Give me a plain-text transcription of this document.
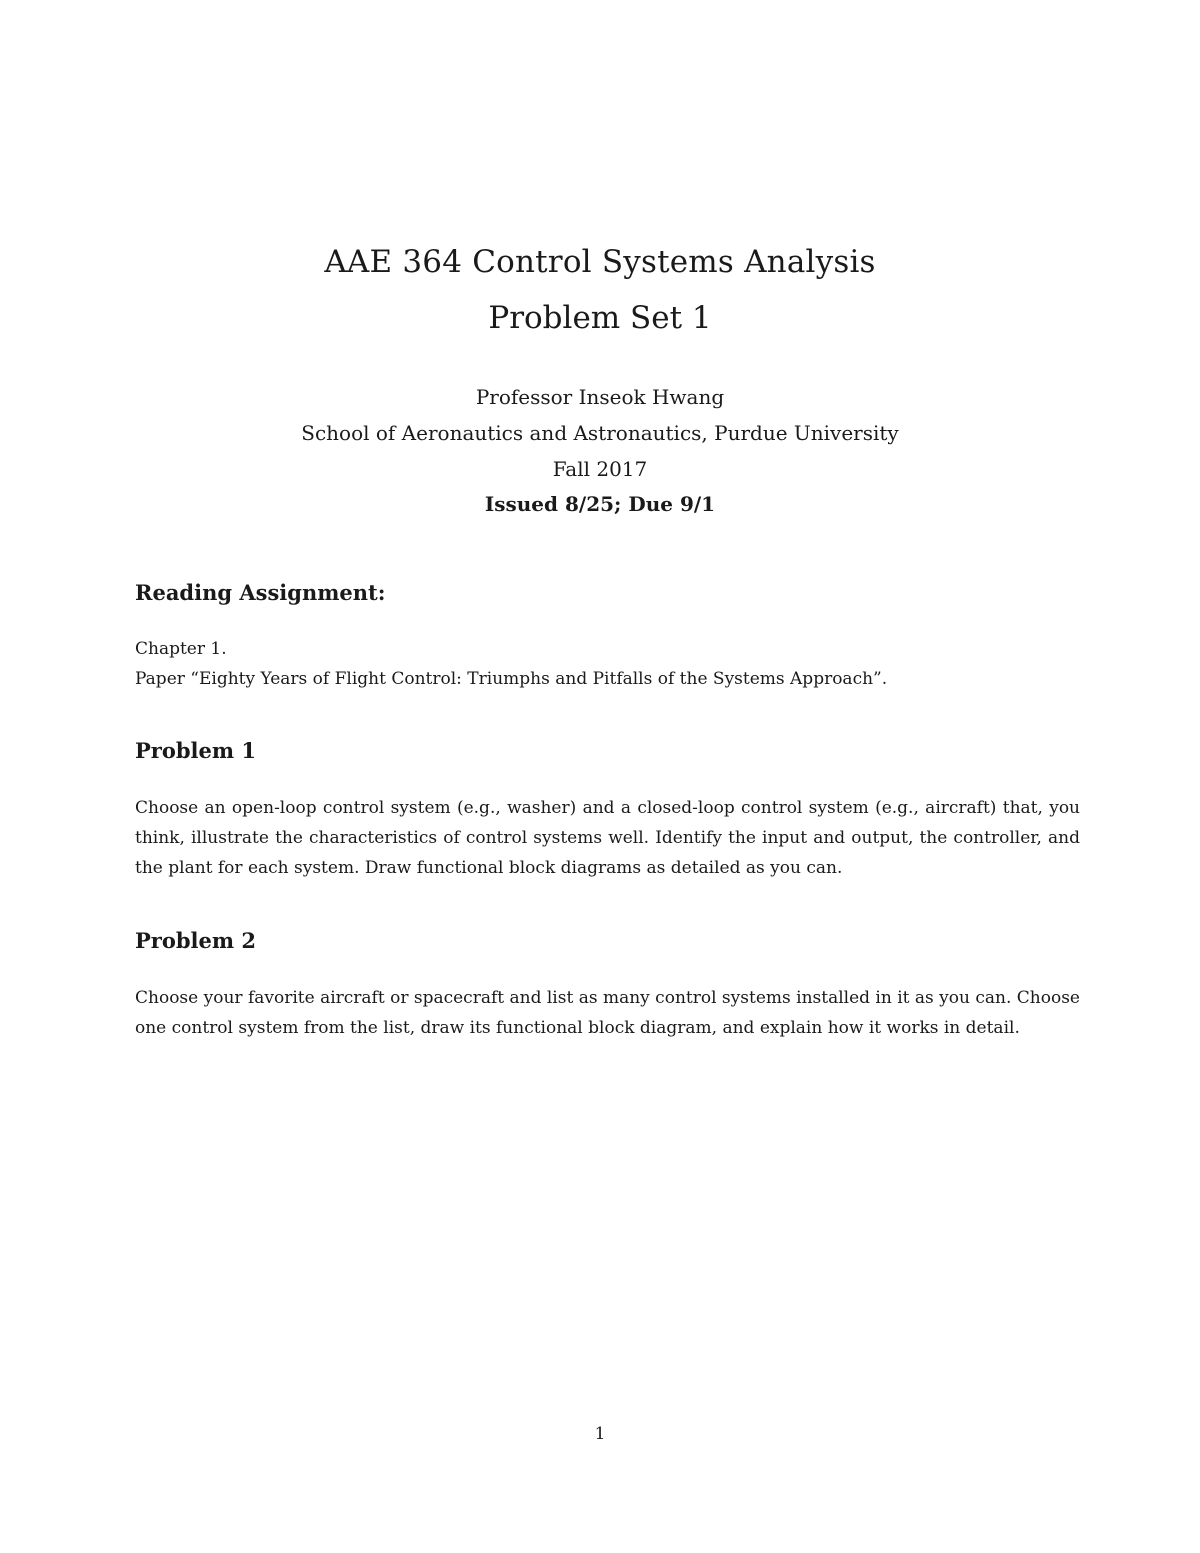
AAE 364 Control Systems Analysis
Problem Set 1
Professor Inseok Hwang
School of Aeronautics and Astronautics, Purdue University
Fall 2017
Issued 8/25; Due 9/1
Reading Assignment:
Chapter 1.
Paper “Eighty Years of Flight Control: Triumphs and Pitfalls of the Systems Approach”.
Problem 1
Choose an open-loop control system (e.g., washer) and a closed-loop control system (e.g., aircraft) that, you
think, illustrate the characteristics of control systems well. Identify the input and output, the controller, and
the plant for each system. Draw functional block diagrams as detailed as you can.
Problem 2
Choose your favorite aircraft or spacecraft and list as many control systems installed in it as you can. Choose
one control system from the list, draw its functional block diagram, and explain how it works in detail.
1
